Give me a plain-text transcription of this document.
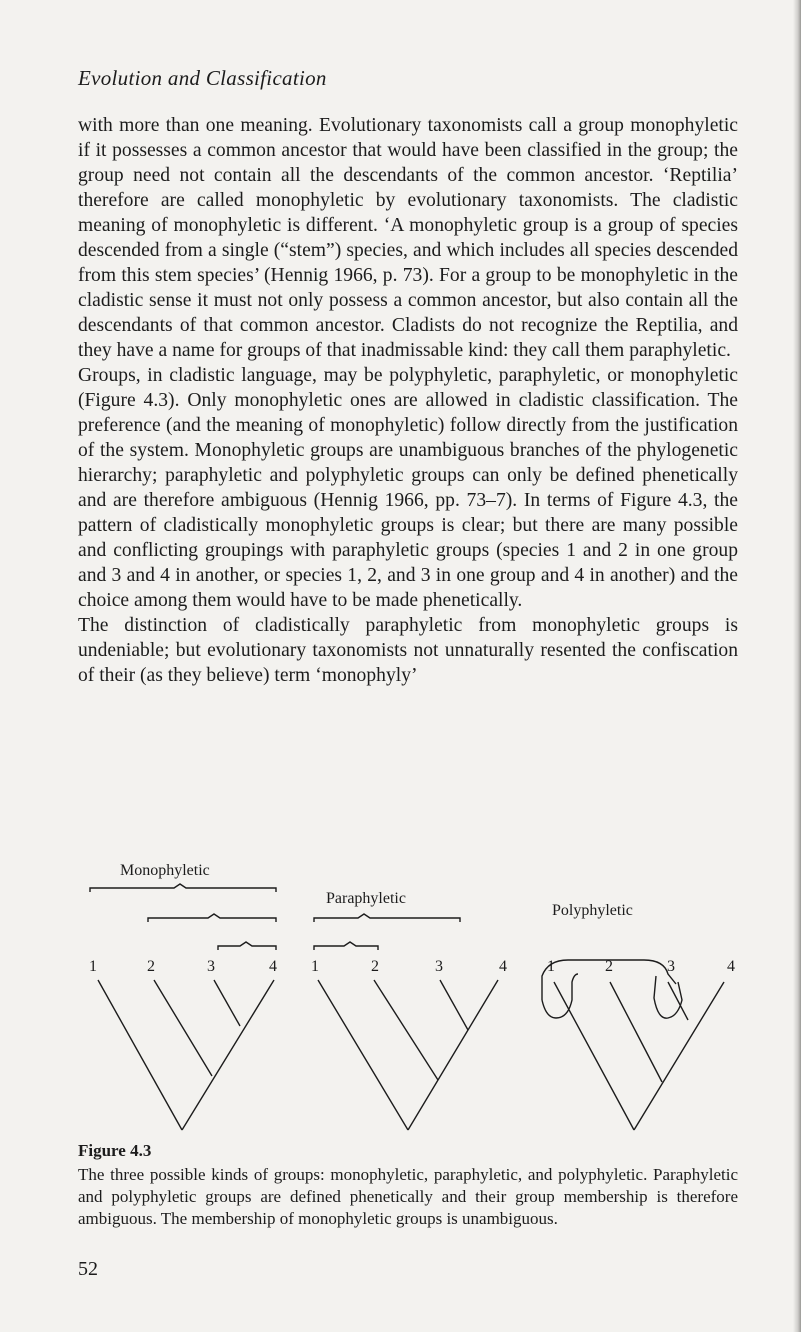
Evolution and Classification

with more than one meaning. Evolutionary taxonomists call a group monophyletic if it possesses a common ancestor that would have been classified in the group; the group need not contain all the descendants of the common ancestor. ‘Reptilia’ therefore are called monophyletic by evolutionary taxonomists. The cladistic meaning of monophyletic is different. ‘A monophyletic group is a group of species descended from a single (“stem”) species, and which includes all species descended from this stem species’ (Hennig 1966, p. 73). For a group to be monophyletic in the cladistic sense it must not only possess a common ancestor, but also contain all the descendants of that common ancestor. Cladists do not recognize the Reptilia, and they have a name for groups of that inadmissable kind: they call them paraphyletic.

Groups, in cladistic language, may be polyphyletic, paraphyletic, or monophyletic (Figure 4.3). Only monophyletic ones are allowed in cladistic classification. The preference (and the meaning of monophyletic) follow directly from the justification of the system. Monophyletic groups are unambiguous branches of the phylogenetic hierarchy; paraphyletic and polyphyletic groups can only be defined phenetically and are therefore ambiguous (Hennig 1966, pp. 73–7). In terms of Figure 4.3, the pattern of cladistically monophyletic groups is clear; but there are many possible and conflicting groupings with paraphyletic groups (species 1 and 2 in one group and 3 and 4 in another, or species 1, 2, and 3 in one group and 4 in another) and the choice among them would have to be made phenetically.

The distinction of cladistically paraphyletic from monophyletic groups is undeniable; but evolutionary taxonomists not unnaturally resented the confiscation of their (as they believe) term ‘monophyly’

Monophyletic
Paraphyletic
Polyphyletic
1	2	3	4 1	2	3	4	1	2	3	4
Figure 4.3
The three possible kinds of groups: monophyletic, paraphyletic, and polyphyletic. Paraphyletic and polyphyletic groups are defined phenetically and their group membership is therefore ambiguous. The membership of monophyletic groups is unambiguous.
52
